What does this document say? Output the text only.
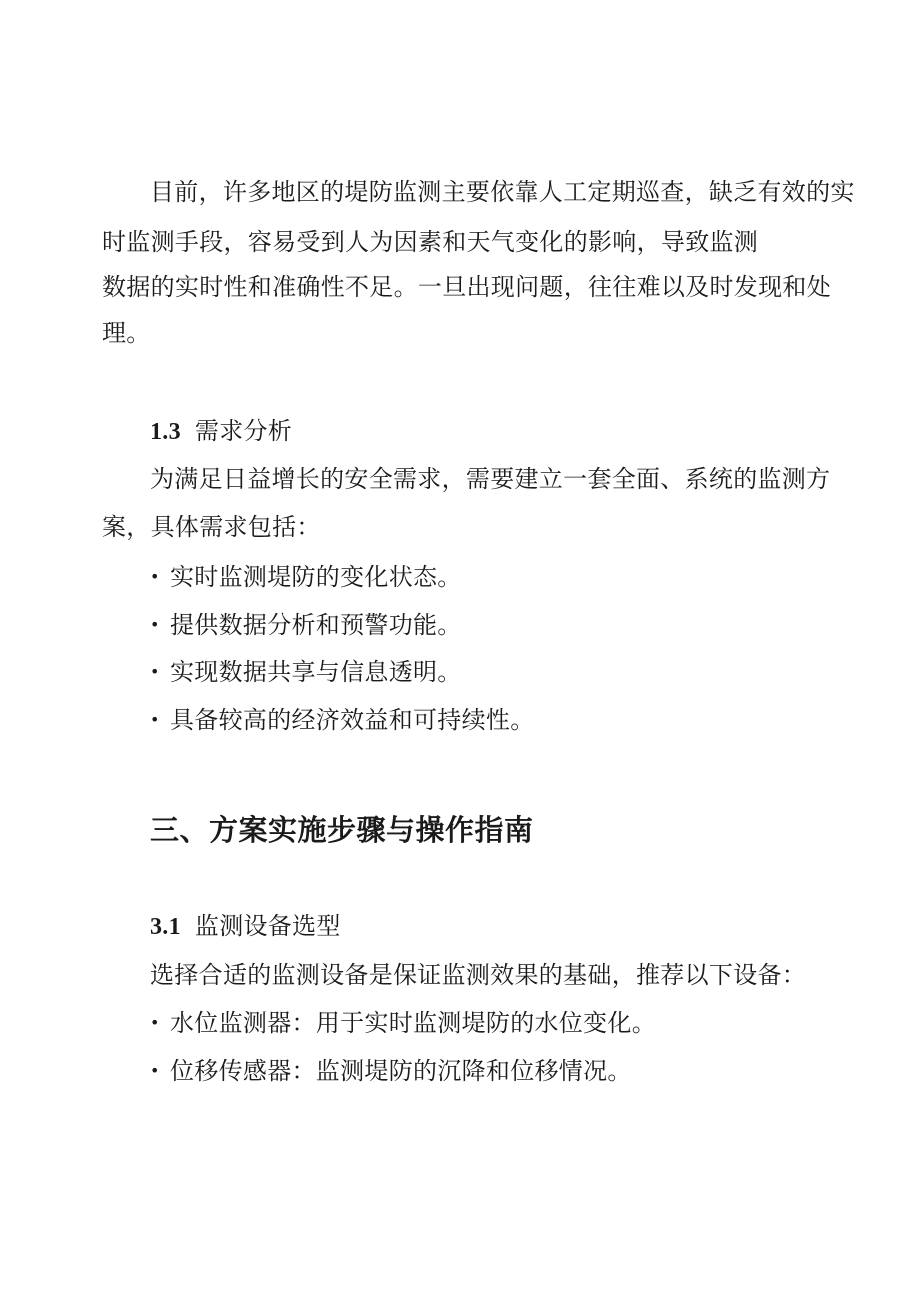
目前，许多地区的堤防监测主要依靠人工定期巡查，缺乏有效的实
时监测手段，容易受到人为因素和天气变化的影响，导致监测
数据的实时性和准确性不足。一旦出现问题，往往难以及时发现和处
理。
1.3 需求分析
为满足日益增长的安全需求，需要建立一套全面、系统的监测方
案，具体需求包括：
• 实时监测堤防的变化状态。
• 提供数据分析和预警功能。
• 实现数据共享与信息透明。
• 具备较高的经济效益和可持续性。
三、方案实施步骤与操作指南
3.1 监测设备选型
选择合适的监测设备是保证监测效果的基础，推荐以下设备：
• 水位监测器：用于实时监测堤防的水位变化。
• 位移传感器：监测堤防的沉降和位移情况。
